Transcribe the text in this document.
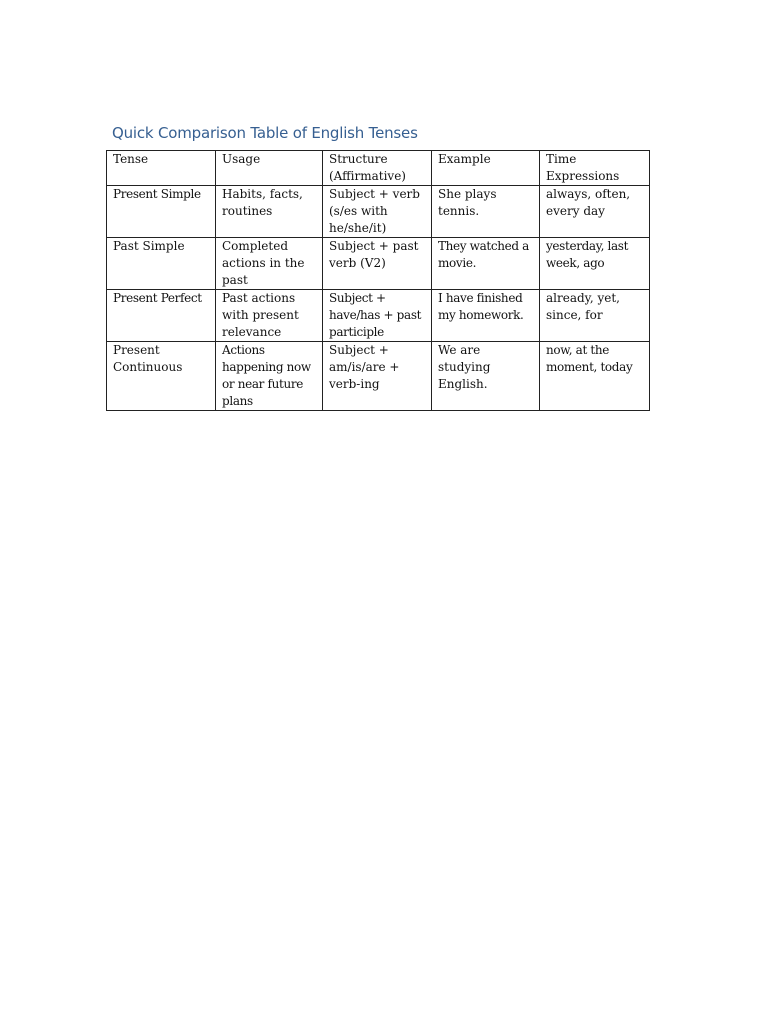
Quick Comparison Table of English Tenses
Tense	Usage	Structure (Affirmative)	Example	Time Expressions

Present Simple	Habits, facts, routines	Subject + verb (s/es with he/she/it)	She plays tennis.	always, often, every day

Past Simple	Completed actions in the past	Subject + past verb (V2)	They watched a movie.	yesterday, last week, ago

Present Perfect	Past actions with present relevance	Subject + have/has + past participle	I have finished my homework.	already, yet, since, for

Present Continuous	Actions happening now or near future plans	Subject + am/is/are + verb-ing	We are studying English.	now, at the moment, today
